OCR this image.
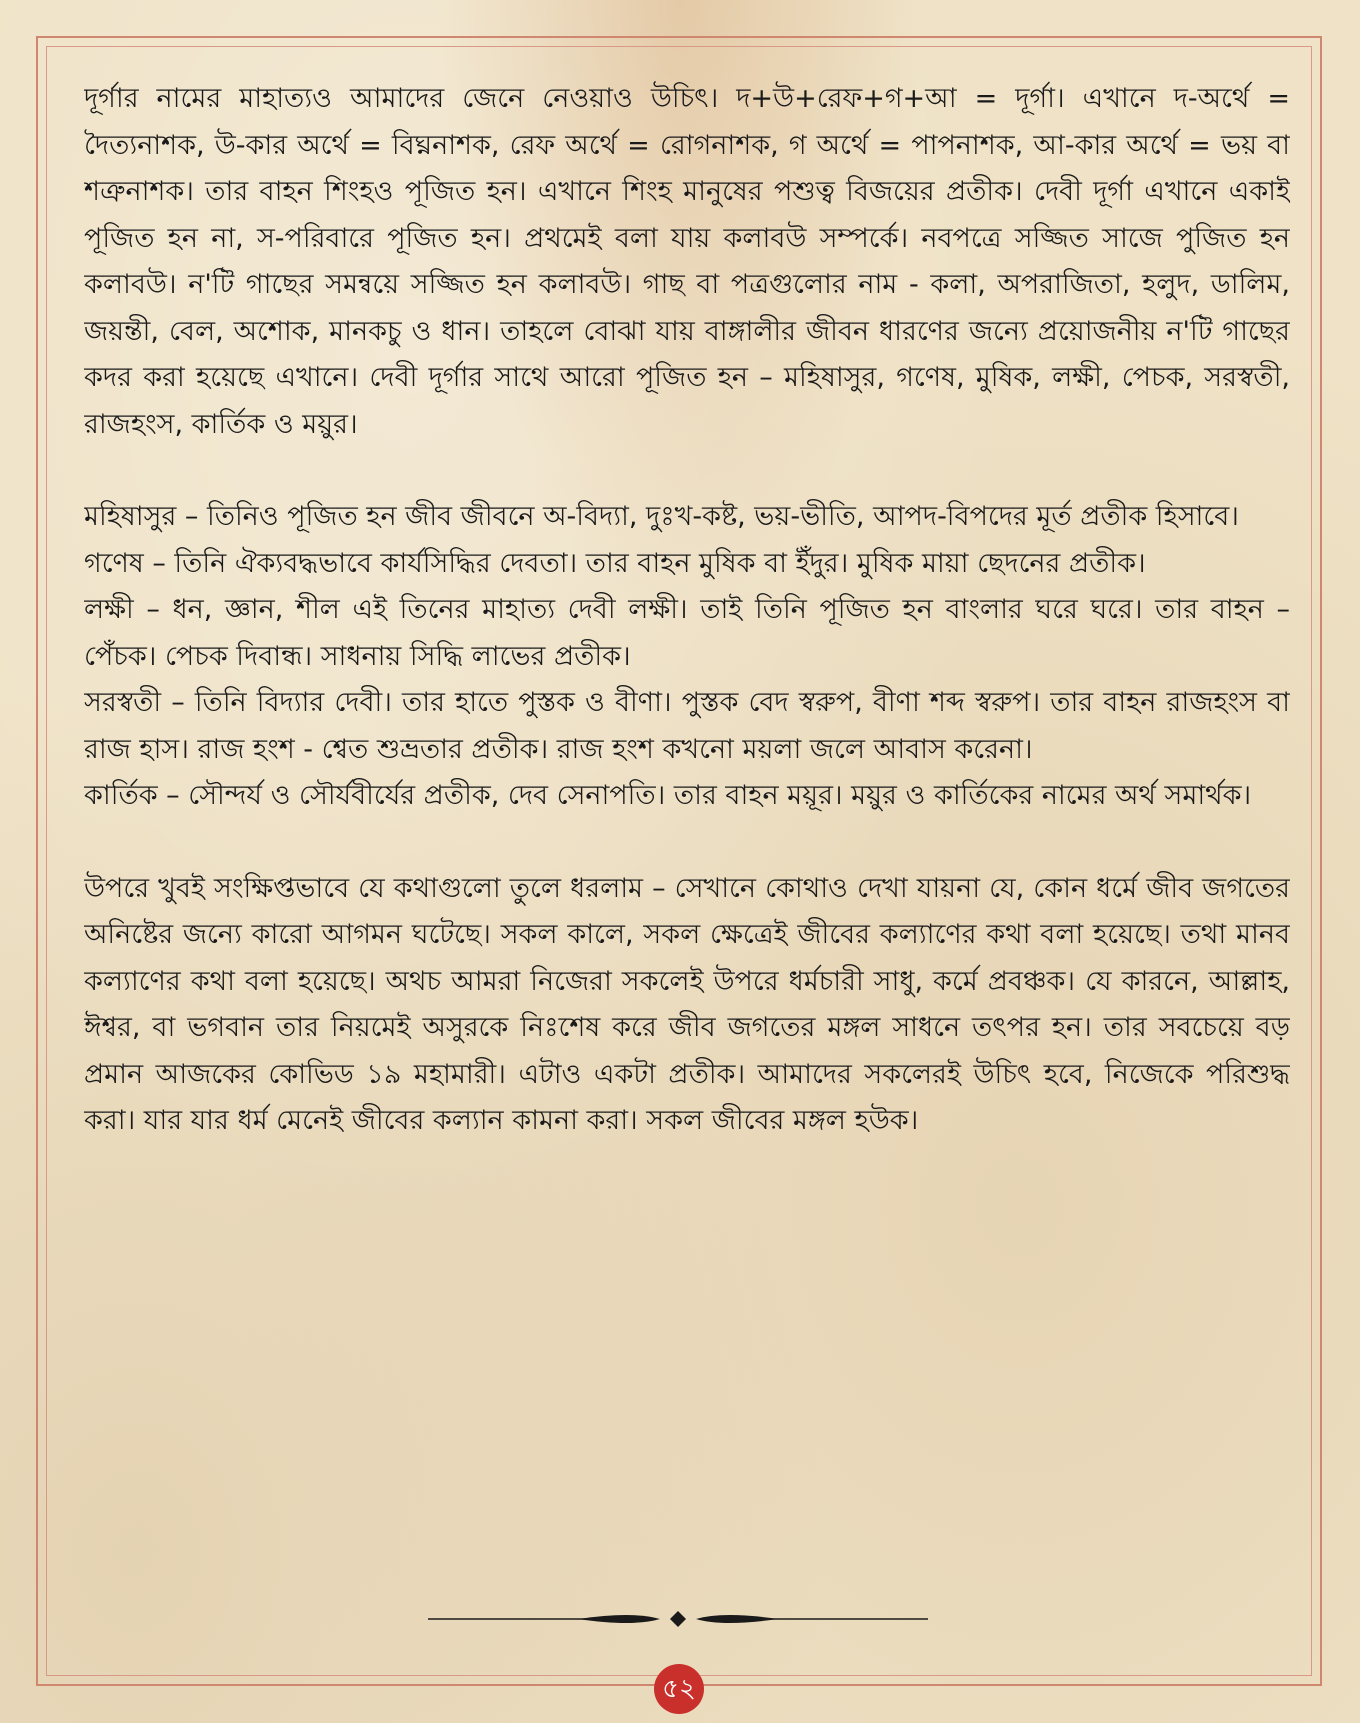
দূর্গার নামের মাহাত্যও আমাদের জেনে নেওয়াও উচিৎ। দ+উ+রেফ+গ+আ = দূর্গা। এখানে দ-অর্থে = দৈত্যনাশক, উ-কার অর্থে = বিঘ্ননাশক, রেফ অর্থে = রোগনাশক, গ অর্থে = পাপনাশক, আ-কার অর্থে = ভয় বা শত্রুনাশক। তার বাহন শিংহও পূজিত হন। এখানে শিংহ মানুষের পশুত্ব বিজয়ের প্রতীক। দেবী দূর্গা এখানে একাই পূজিত হন না, স-পরিবারে পূজিত হন। প্রথমেই বলা যায় কলাবউ সম্পর্কে। নবপত্রে সজ্জিত সাজে পুজিত হন কলাবউ। ন'টি গাছের সমন্বয়ে সজ্জিত হন কলাবউ। গাছ বা পত্রগুলোর নাম - কলা, অপরাজিতা, হলুদ, ডালিম, জয়ন্তী, বেল, অশোক, মানকচু ও ধান। তাহলে বোঝা যায় বাঙ্গালীর জীবন ধারণের জন্যে প্রয়োজনীয় ন'টি গাছের কদর করা হয়েছে এখানে। দেবী দূর্গার সাথে আরো পূজিত হন – মহিষাসুর, গণেষ, মুষিক, লক্ষী, পেচক, সরস্বতী, রাজহংস, কার্তিক ও ময়ুর।

মহিষাসুর – তিনিও পূজিত হন জীব জীবনে অ-বিদ্যা, দুঃখ-কষ্ট, ভয়-ভীতি, আপদ-বিপদের মূর্ত প্রতীক হিসাবে।

গণেষ – তিনি ঐক্যবদ্ধভাবে কার্যসিদ্ধির দেবতা। তার বাহন মুষিক বা ইঁদুর। মুষিক মায়া ছেদনের প্রতীক।

লক্ষী – ধন, জ্ঞান, শীল এই তিনের মাহাত্য দেবী লক্ষী। তাই তিনি পূজিত হন বাংলার ঘরে ঘরে। তার বাহন – পেঁচক। পেচক দিবান্ধ। সাধনায় সিদ্ধি লাভের প্রতীক।

সরস্বতী – তিনি বিদ্যার দেবী। তার হাতে পুস্তক ও বীণা। পুস্তক বেদ স্বরুপ, বীণা শব্দ স্বরুপ। তার বাহন রাজহংস বা রাজ হাস। রাজ হংশ - শ্বেত শুভ্রতার প্রতীক। রাজ হংশ কখনো ময়লা জলে আবাস করেনা।

কার্তিক – সৌন্দর্য ও সৌর্যবীর্যের প্রতীক, দেব সেনাপতি। তার বাহন ময়ূর। ময়ুর ও কার্তিকের নামের অর্থ সমার্থক।

উপরে খুবই সংক্ষিপ্তভাবে যে কথাগুলো তুলে ধরলাম – সেখানে কোথাও দেখা যায়না যে, কোন ধর্মে জীব জগতের অনিষ্টের জন্যে কারো আগমন ঘটেছে। সকল কালে, সকল ক্ষেত্রেই জীবের কল্যাণের কথা বলা হয়েছে। তথা মানব কল্যাণের কথা বলা হয়েছে। অথচ আমরা নিজেরা সকলেই উপরে ধর্মচারী সাধু, কর্মে প্রবঞ্চক। যে কারনে, আল্লাহ, ঈশ্বর, বা ভগবান তার নিয়মেই অসুরকে নিঃশেষ করে জীব জগতের মঙ্গল সাধনে তৎপর হন। তার সবচেয়ে বড় প্রমান আজকের কোভিড ১৯ মহামারী। এটাও একটা প্রতীক। আমাদের সকলেরই উচিৎ হবে, নিজেকে পরিশুদ্ধ করা। যার যার ধর্ম মেনেই জীবের কল্যান কামনা করা। সকল জীবের মঙ্গল হউক।

৫২
